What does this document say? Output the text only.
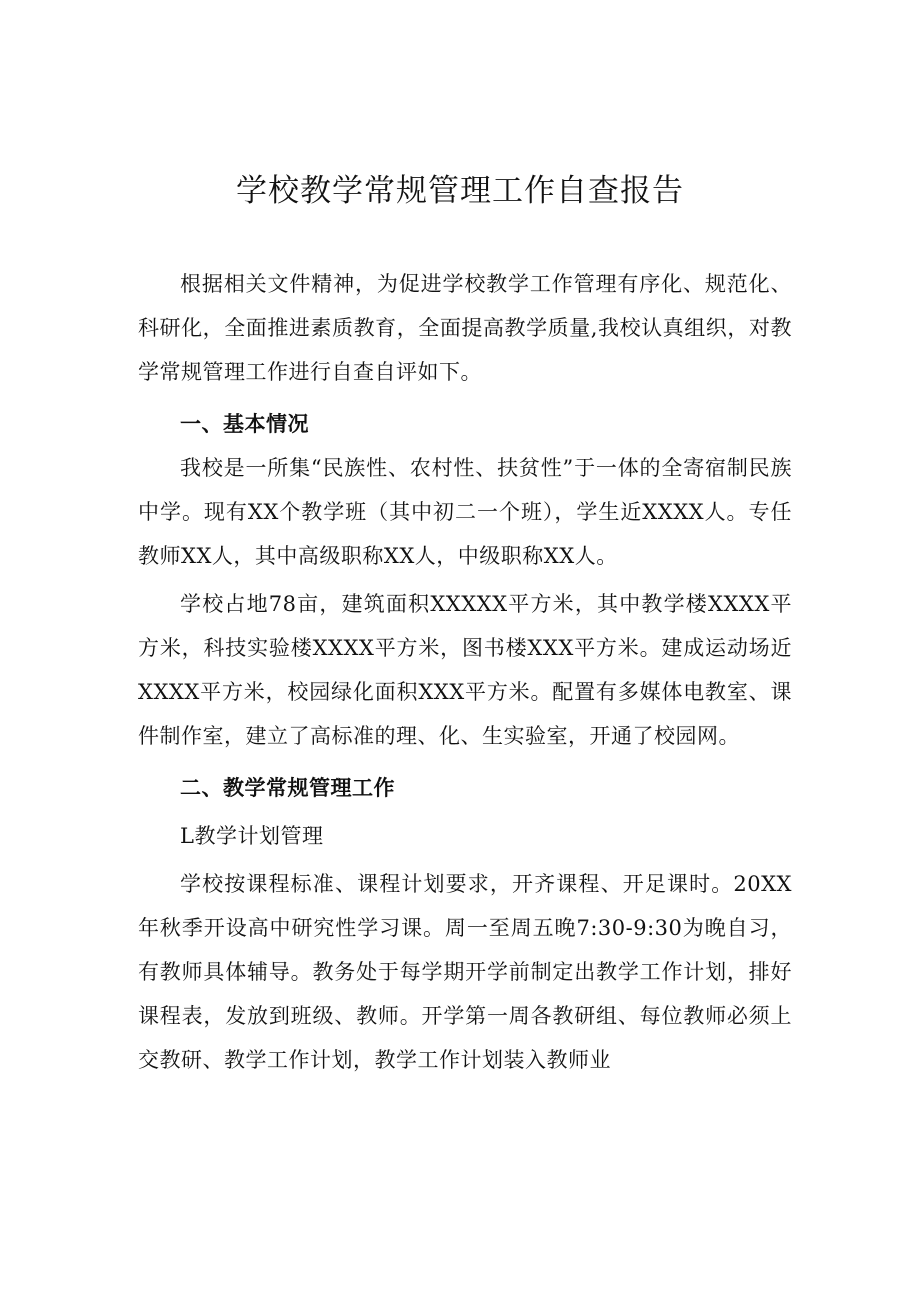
学校教学常规管理工作自查报告

根据相关文件精神，为促进学校教学工作管理有序化、规范化、科研化，全面推进素质教育，全面提高教学质量,我校认真组织，对教学常规管理工作进行自查自评如下。

一、基本情况

我校是一所集“民族性、农村性、扶贫性”于一体的全寄宿制民族中学。现有XX个教学班（其中初二一个班），学生近XXXX人。专任教师XX人，其中高级职称XX人，中级职称XX人。

学校占地78亩，建筑面积XXXXX平方米，其中教学楼XXXX平方米，科技实验楼XXXX平方米，图书楼XXX平方米。建成运动场近XXXX平方米，校园绿化面积XXX平方米。配置有多媒体电教室、课件制作室，建立了高标准的理、化、生实验室，开通了校园网。

二、教学常规管理工作

L教学计划管理

学校按课程标准、课程计划要求，开齐课程、开足课时。20XX年秋季开设高中研究性学习课。周一至周五晚7:30-9:30为晚自习，有教师具体辅导。教务处于每学期开学前制定出教学工作计划，排好课程表，发放到班级、教师。开学第一周各教研组、每位教师必须上交教研、教学工作计划，教学工作计划装入教师业
